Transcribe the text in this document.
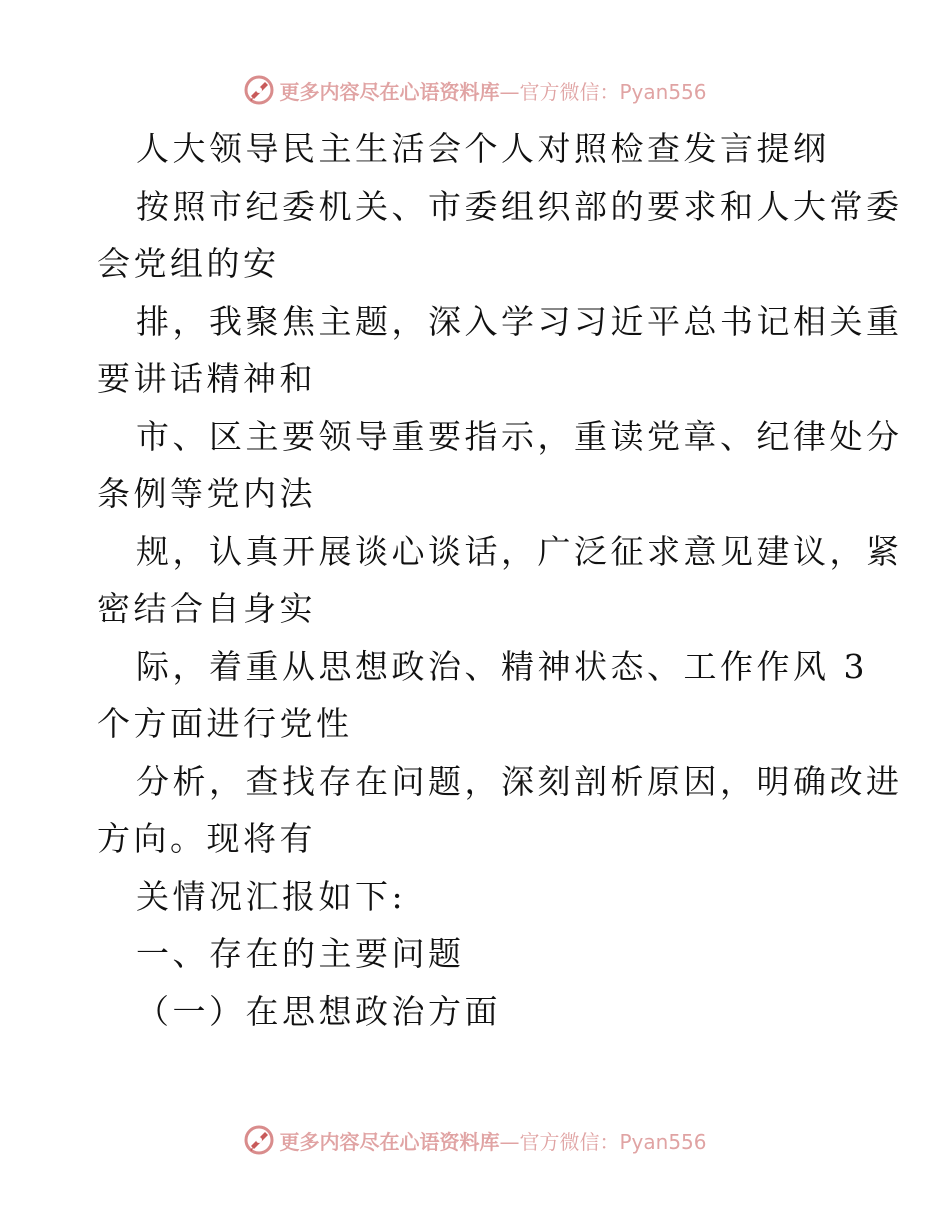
更多内容尽在心语资料库—官方微信：Pyan556
人大领导民主生活会个人对照检查发言提纲
按照市纪委机关、市委组织部的要求和人大常委
会党组的安
排，我聚焦主题，深入学习习近平总书记相关重
要讲话精神和
市、区主要领导重要指示，重读党章、纪律处分
条例等党内法
规，认真开展谈心谈话，广泛征求意见建议，紧
密结合自身实
际，着重从思想政治、精神状态、工作作风 3
个方面进行党性
分析，查找存在问题，深刻剖析原因，明确改进
方向。现将有
关情况汇报如下:
一、存在的主要问题
（一）在思想政治方面
更多内容尽在心语资料库—官方微信：Pyan556
